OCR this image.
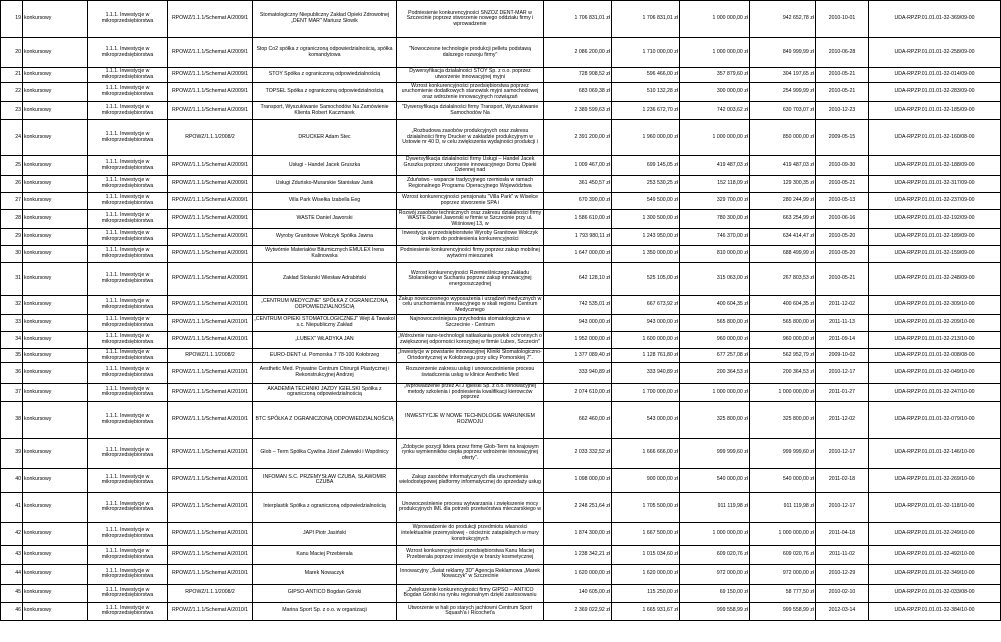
19	konkursowy	1.1.1. Inwestycje w mikroprzedsiębiorstwa	RPOWZ/1.1.1/Schemat A/2009/1	Stomatologiczny Niepubliczny Zakład Opieki Zdrowotnej „DENT MAR" Mariusz Słowik	Podniesienie konkurencyjności SNZOZ DENT-MAR w Szczecinie poprzez stworzenie nowego oddziału firmy i wprowadzenie	1 706 831,01 zł	1 706 831,01 zł	1 000 000,00 zł	942 652,78 zł	2010-10-01	UDA-RPZP.01.01.01-32-369/09-00
20	konkursowy	1.1.1. Inwestycje w mikroprzedsiębiorstwa	RPOWZ/1.1.1/Schemat A/2009/1	Stop Co2 spółka z ograniczoną odpowiedzialnością, spółka komandytowa	"Nowoczesne technologie produkcji pelletu podstawą dalszego rozwoju firmy"	2 086 200,00 zł	1 710 000,00 zł	1 000 000,00 zł	849 999,99 zł	2010-06-28	UDA-RPZP.01.01.01-32-258/09-00
21	konkursowy	1.1.1. Inwestycje w mikroprzedsiębiorstwa	RPOWZ/1.1.1/Schemat A/2009/1	STOY Spółka z ograniczoną odpowiedzialnością	Dywersyfikacja działalności STOY Sp. z o.o. poprzez utworzenie innowacyjnej myjni	728 908,52 zł	596 466,00 zł	357 879,60 zł	304 197,65 zł	2010-05-21	UDA-RPZP.01.01.01-32-014/09-00
22	konkursowy	1.1.1. Inwestycje w mikroprzedsiębiorstwa	RPOWZ/1.1.1/Schemat A/2009/1	TOPSEL Spółka z ograniczoną odpowiedzialnością	Wzrost konkurencyjności przedsiębiorstwa poprzez uruchomienie dodatkowych stanowisk myjni samochodowej oraz wdrożenie innowacyjnych rozwiązań	683 069,38 zł	510 132,28 zł	300 000,00 zł	254 999,99 zł	2010-05-21	UDA-RPZP.01.01.01-32-283/09-00
23	konkursowy	1.1.1. Inwestycje w mikroprzedsiębiorstwa	RPOWZ/1.1.1/Schemat A/2009/1	Transport, Wyszukiwanie Samochodów Na Zamówienie Klienta Robert Kaczmarek	"Dywersyfikacja działalności firmy Transport, Wyszukiwanie Samochodów Na	2 389 599,63 zł	1 236 672,70 zł	742 003,62 zł	630 703,07 zł	2010-12-23	UDA-RPZP.01.01.01-32-185/09-00
24	konkursowy	1.1.1. Inwestycje w mikroprzedsiębiorstwa	RPOWZ/1.1.1/2008/2	DRUCKER Adam Stec	„Rozbudowa zasobów produkcyjnych oraz zakresu działalności firmy Drucker w zakładzie produkcyjnym w Ustowie nr 40 D, w celu zwiększenia wydajności produkcji i	2 391 200,00 zł	1 960 000,00 zł	1 000 000,00 zł	850 000,00 zł	2009-05-15	UDA-RPZP.01.01.01-32-160/08-00
25	konkursowy	1.1.1. Inwestycje w mikroprzedsiębiorstwa	RPOWZ/1.1.1/Schemat A/2009/1	Usługi - Handel Jacek Gruszka	Dywersyfikacja działalności firmy Usługi – Handel Jacek Gruszka poprzez utworzenie innowacyjnego Domu Opieki Dziennej nad	1 009 467,00 zł	699 145,05 zł	419 487,03 zł	419 487,03 zł	2010-09-30	UDA-RPZP.01.01.01-32-188/09-00
26	konkursowy	1.1.1. Inwestycje w mikroprzedsiębiorstwa	RPOWZ/1.1.1/Schemat A/2009/1	Usługi Zduńsko-Murarskie Stanisław Janik	Zduństwo - wsparcie tradycyjnego rzemiosła w ramach Regionalnego Programu Operacyjnego Województwa	361 450,57 zł	253 530,25 zł	152 118,09 zł	129 300,35 zł	2010-05-21	UDA-RPZP.01.01.01-32-317/09-00
27	konkursowy	1.1.1. Inwestycje w mikroprzedsiębiorstwa	RPOWZ/1.1.1/Schemat A/2009/1	Villa Park Wisełka Izabella Eeg	Wzrost konkurencyjności pensjonatu "Villa Park" w Wisełce poprzez stworzenie SPA i	670 390,00 zł	549 500,00 zł	329 700,00 zł	280 244,99 zł	2010-05-13	UDA-RPZP.01.01.01-32-237/09-00
28	konkursowy	1.1.1. Inwestycje w mikroprzedsiębiorstwa	RPOWZ/1.1.1/Schemat A/2009/1	WASTE Daniel Jaworski	Rozwój zasobów technicznych oraz zakresu działalności firmy WASTE Daniel Jaworski w firmie w Szczecinie przy ul. Wiśniowej 13, w	1 586 610,00 zł	1 300 500,00 zł	780 300,00 zł	663 254,99 zł	2010-06-16	UDA-RPZP.01.01.01-32-192/09-00
29	konkursowy	1.1.1. Inwestycje w mikroprzedsiębiorstwa	RPOWZ/1.1.1/Schemat A/2009/1	Wyroby Granitowe Wołczyk Spółka Jawna	Inwestycja w przedsiębiorstwie Wyroby Granitowe Wołczyk krokiem do podniesienia konkurencyjności	1 793 980,11 zł	1 243 950,00 zł	746 370,00 zł	634 414,47 zł	2010-05-20	UDA-RPZP.01.01.01-32-189/09-00
30	konkursowy	1.1.1. Inwestycje w mikroprzedsiębiorstwa	RPOWZ/1.1.1/Schemat A/2009/1	Wytwórnie Materiałów Bitumicznych EMULEX Irena Kalinowska	Podniesienie konkurencyjności firmy poprzez zakup mobilnej wytwórni mieszanek	1 647 000,00 zł	1 350 000,00 zł	810 000,00 zł	688 499,99 zł	2010-05-20	UDA-RPZP.01.01.01-32-159/09-00
31	konkursowy	1.1.1. Inwestycje w mikroprzedsiębiorstwa	RPOWZ/1.1.1/Schemat A/2009/1	Zakład Stolarski Wiesław Adrabiński	Wzrost konkurencyjności RzemieśIniczego Zakładu Stolarskiego w Suchaniu poprzez zakup innowacyjnej energooszczędnej	642 128,10 zł	525 105,00 zł	315 063,00 zł	267 803,53 zł	2010-05-21	UDA-RPZP.01.01.01-32-248/09-00
32	konkursowy	1.1.1. Inwestycje w mikroprzedsiębiorstwa	RPOWZ/1.1.1/Schemat A/2010/1	„CENTRUM MEDYCZNE" SPÓŁKA Z OGRANICZONĄ ODPOWIEDZIALNOŚCIĄ	Zakup nowoczesnego wyposażenia i urządzeń medycznych w celu uruchomienia innowacyjnego w skali regionu Centrum Medycznego	742 535,01 zł	667 673,92 zł	400 604,35 zł	400 604,35 zł	2011-12-02	UDA-RPZP.01.01.01-32-309/10-00
33	konkursowy	1.1.1. Inwestycje w mikroprzedsiębiorstwa	RPOWZ/1.1.1/Schemat A/2010/1	„CENTRUM OPIEKI STOMATOLOGICZNEJ" Wejt & Tawakol s.c. Niepubliczny Zakład	Najnowocześniejsza przychodnia stomatologiczna w Szczecinie - Centrum	943 000,00 zł	943 000,00 zł	565 800,00 zł	565 800,00 zł	2011-11-13	UDA-RPZP.01.01.01-32-209/10-00
34	konkursowy	1.1.1. Inwestycje w mikroprzedsiębiorstwa	RPOWZ/1.1.1/Schemat A/2010/1	„LUBEX" WŁADYKA JAN	„Wdrożenie nano-technologii natłaskania powłok ochronnych o zwiększonej odporności korozyjnej w firmie Lubex, Szczecin"	1 952 000,00 zł	1 600 000,00 zł	960 000,00 zł	960 000,00 zł	2011-09-14	UDA-RPZP.01.01.01-32-213/10-00
35	konkursowy	1.1.1. Inwestycje w mikroprzedsiębiorstwa	RPOWZ/1.1.1/2008/2	EURO-DENT ul. Pomorska 7 78-100 Kołobrzeg	„Inwestycje w powstanie innowacyjnej Kliniki Stomatologiczno-Ortodontycznej w Kołobrzegu przy ulicy Pomorskiej 7".	1 377 089,40 zł	1 128 761,80 zł	677 257,08 zł	562 952,79 zł	2009-10-02	UDA-RPZP.01.01.01-32-008/08-00
36	konkursowy	1.1.1. Inwestycje w mikroprzedsiębiorstwa	RPOWZ/1.1.1/Schemat A/2010/1	Aesthetic Med. Prywatne Centrum Chirurgii Plastycznej i Rekonstrukcyjnej Andrzej	Rozszerzenie zakresu usług i unowocześnienie procesu świadczenia usług w klinice Aesthetic Med	333 940,89 zł	333 940,89 zł	200 364,53 zł	200 364,53 zł	2010-12-17	UDA-RPZP.01.01.01-32-049/10-00
37	konkursowy	1.1.1. Inwestycje w mikroprzedsiębiorstwa	RPOWZ/1.1.1/Schemat A/2010/1	AKADEMIA TECHNIKI JAZDY IGIELSKI Spółka z ograniczoną odpowiedzialnością	„Wprowadzenie przez ATJ Igielski Sp. z o.o. innowacyjnej metody szkolenia i podniesienia kwalifikacji kierowców poprzez	2 074 610,00 zł	1 700 000,00 zł	1 000 000,00 zł	1 000 000,00 zł	2011-01-27	UDA-RPZP.01.01.01-32-247/10-00
38	konkursowy	1.1.1. Inwestycje w mikroprzedsiębiorstwa	RPOWZ/1.1.1/Schemat A/2010/1	BTC SPÓŁKA Z OGRANICZONĄ ODPOWIEDZIALNOŚCIĄ	INWESTYCJE W NOWE TECHNOLOGIE WARUNKIEM ROZWOJU	662 460,00 zł	543 000,00 zł	325 800,00 zł	325 800,00 zł	2011-12-02	UDA-RPZP.01.01.01-32-079/10-00
39	konkursowy	1.1.1. Inwestycje w mikroprzedsiębiorstwa	RPOWZ/1.1.1/Schemat A/2010/1	Glob – Term Spółka Cywilna Józef Załewski i Wspólnicy	„Zdobycie pozycji lidera przez firmę Glob-Term na krajowym rynku wymienników ciepła poprzez wdrożenie innowacyjnej oferty".	2 033 332,52 zł	1 666 666,00 zł	999 999,60 zł	999 999,60 zł	2010-12-17	UDA-RPZP.01.01.01-32-146/10-00
40	konkursowy	1.1.1. Inwestycje w mikroprzedsiębiorstwa	RPOWZ/1.1.1/Schemat A/2010/1	INFOMAN S.C. PRZEMYSŁAW CZUBA, SŁAWOMIR CZUBA	Zakup zasobów informatycznych dla uruchomienia wielodostępowej platformy informatycznej do sprzedaży usług	1 098 000,00 zł	900 000,00 zł	540 000,00 zł	540 000,00 zł	2011-02-18	UDA-RPZP.01.01.01-32-269/10-00
41	konkursowy	1.1.1. Inwestycje w mikroprzedsiębiorstwa	RPOWZ/1.1.1/Schemat A/2010/1	Interplastik Spółka z ograniczoną odpowiedzialnością	Unowocześnienie procesu wytwarzania i zwiększenie mocy produkcyjnych IML dla potrzeb przetwórstwa mleczarskiego w	2 248 251,64 zł	1 705 500,00 zł	911 119,98 zł	911 119,98 zł	2010-12-17	UDA-RPZP.01.01.01-32-118/10-00
42	konkursowy	1.1.1. Inwestycje w mikroprzedsiębiorstwa	RPOWZ/1.1.1/Schemat A/2010/1	JAPI Piotr Jasiński	Wprowadzenie do produkcji przedmiotu własności intelektualnie przemysłowej - ościeżnic zatapialnych w mury konstrukcyjnych	1 874 300,00 zł	1 667 500,00 zł	1 000 000,00 zł	1 000 000,00 zł	2011-04-18	UDA-RPZP.01.01.01-32-249/10-00
43	konkursowy	1.1.1. Inwestycje w mikroprzedsiębiorstwa	RPOWZ/1.1.1/Schemat A/2010/1	Kanu Maciej Przebierała	Wzrost konkurencyjności przedsiębiorstwa Kanu Maciej Przebierała poprzez inwestycje w branży kosmetycznej	1 238 342,21 zł	1 015 034,60 zł	609 020,76 zł	609 020,76 zł	2011-11-02	UDA-RPZP.01.01.01-32-492/10-00
44	konkursowy	1.1.1. Inwestycje w mikroprzedsiębiorstwa	RPOWZ/1.1.1/Schemat A/2010/1	Marek Nowaczyk	Innowacyjny „Świat reklamy 3D" Agencja Reklamowa „Marek Nowaczyk" w Szczecinie	1 620 000,00 zł	1 620 000,00 zł	972 000,00 zł	972 000,00 zł	2010-12-29	UDA-RPZP.01.01.01-32-349/10-00
45	konkursowy	1.1.1. Inwestycje w mikroprzedsiębiorstwa	RPOWZ/1.1.1/2008/2	GIPSO-ANTICO Bogdan Górski	„Zwiększenie konkurencyjności firmy GIPSO – ANTICO Bogdan Górski na rynku regionalnym dzięki zastosowaniu	140 605,00 zł	115 250,00 zł	69 150,00 zł	58 777,50 zł	2010-02-10	UDA-RPZP.01.01.01-32-033/08-00
46	konkursowy	1.1.1. Inwestycje w mikroprzedsiębiorstwa	RPOWZ/1.1.1/Schemat A/2010/1	Marina Sport Sp. z o.o. w organizacji	Utworzenie w hali po starych jachtowni Centrum Sport Squash'a i Ricochet'a	2 369 022,92 zł	1 665 931,67 zł	999 558,99 zł	999 558,99 zł	2012-03-14	UDA-RPZP.01.01.01-32-384/10-00
